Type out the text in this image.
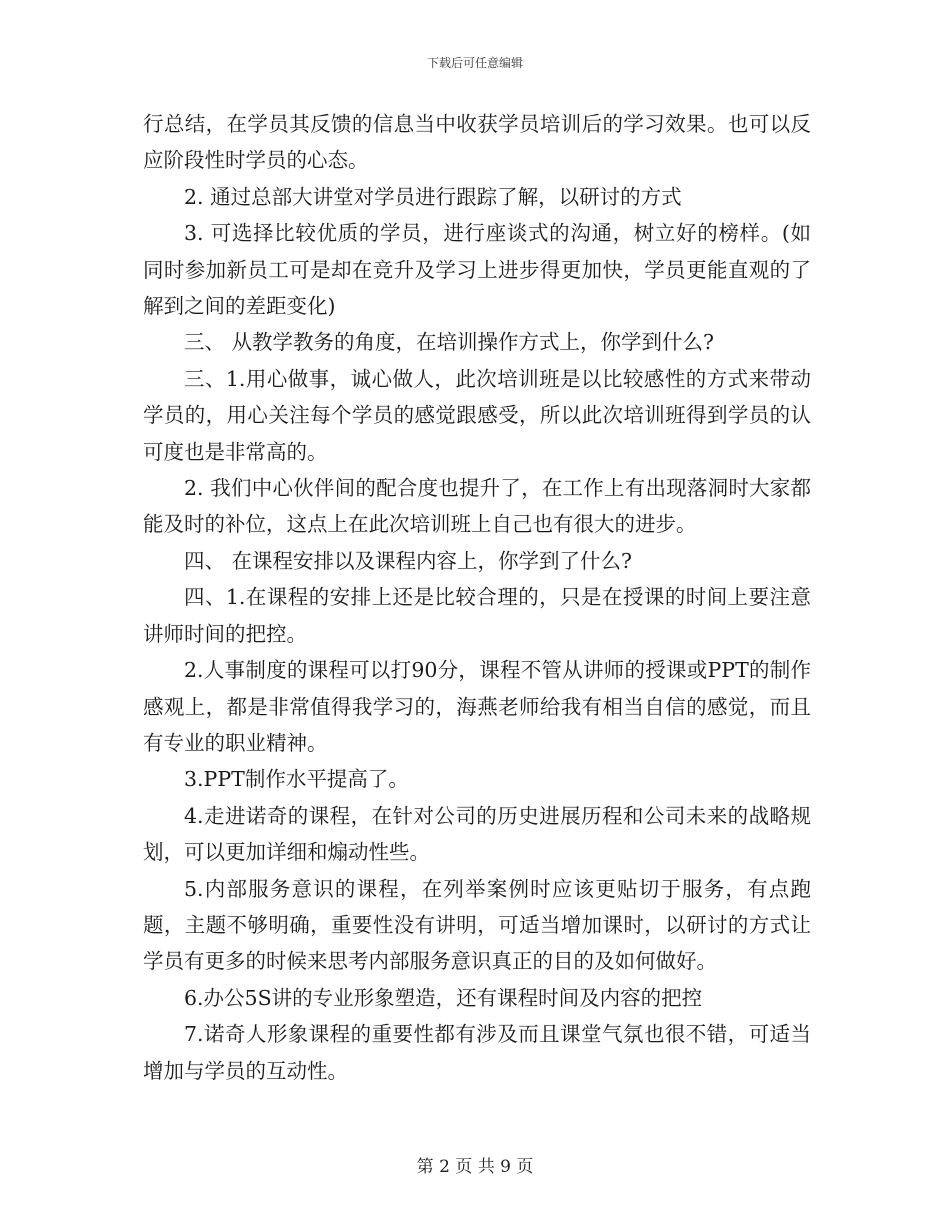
下载后可任意编辑

行总结，在学员其反馈的信息当中收获学员培训后的学习效果。也可以反应阶段性时学员的心态。

2. 通过总部大讲堂对学员进行跟踪了解，以研讨的方式

3. 可选择比较优质的学员，进行座谈式的沟通，树立好的榜样。(如同时参加新员工可是却在竞升及学习上进步得更加快，学员更能直观的了解到之间的差距变化)

三、 从教学教务的角度，在培训操作方式上，你学到什么?

三、1.用心做事，诚心做人，此次培训班是以比较感性的方式来带动学员的，用心关注每个学员的感觉跟感受，所以此次培训班得到学员的认可度也是非常高的。

2. 我们中心伙伴间的配合度也提升了，在工作上有出现落洞时大家都能及时的补位，这点上在此次培训班上自己也有很大的进步。

四、 在课程安排以及课程内容上，你学到了什么?

四、1.在课程的安排上还是比较合理的，只是在授课的时间上要注意讲师时间的把控。

2.人事制度的课程可以打90分，课程不管从讲师的授课或PPT的制作感观上，都是非常值得我学习的，海燕老师给我有相当自信的感觉，而且有专业的职业精神。

3.PPT制作水平提高了。

4.走进诺奇的课程，在针对公司的历史进展历程和公司未来的战略规划，可以更加详细和煽动性些。

5.内部服务意识的课程，在列举案例时应该更贴切于服务，有点跑题，主题不够明确，重要性没有讲明，可适当增加课时，以研讨的方式让学员有更多的时候来思考内部服务意识真正的目的及如何做好。

6.办公5S讲的专业形象塑造，还有课程时间及内容的把控

7.诺奇人形象课程的重要性都有涉及而且课堂气氛也很不错，可适当增加与学员的互动性。

第 2 页 共 9 页
